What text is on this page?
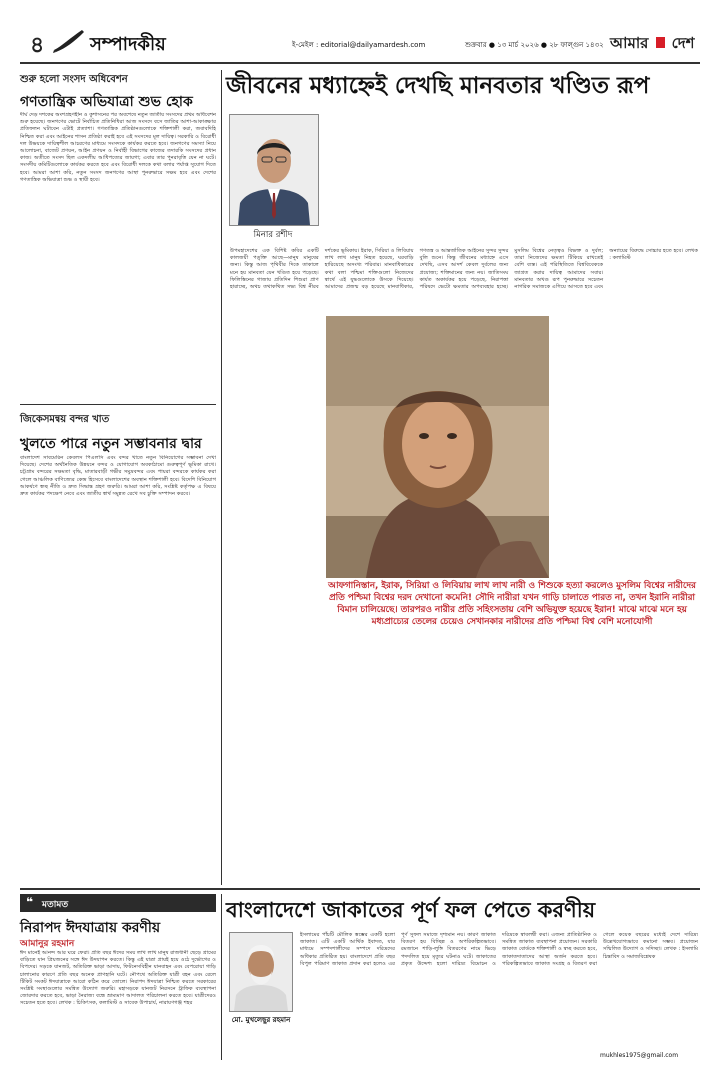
৪	সম্পাদকীয়	ই-মেইল : editorial@dailyamardesh.com	শুক্রবার ● ১৩ মার্চ ২০২৬ ● ২৮ ফাল্গুন ১৪৩২ আমার দেশ
শুরু হলো সংসদ অধিবেশন
গণতান্ত্রিক অভিযাত্রা শুভ হোক
দীর্ঘ দেড় দশকের অংশগ্রহণহীন ও কুশাসনের পর অবশেষে নতুন জাতীয় সংসদের প্রথম অধিবেশন শুরু হয়েছে। জনগণের ভোটে নির্বাচিত প্রতিনিধিরা আজ সংসদে বসে জাতির আশা-আকাঙ্ক্ষার প্রতিফলন ঘটাবেন এটাই প্রত্যাশা। গণতান্ত্রিক প্রতিষ্ঠানগুলোকে শক্তিশালী করা, জবাবদিহি নিশ্চিত করা এবং আইনের শাসন প্রতিষ্ঠা করাই হবে এই সংসদের মূল দায়িত্ব। সরকারি ও বিরোধী দল উভয়কে দায়িত্বশীল আচরণের মাধ্যমে সংসদকে কার্যকর করতে হবে। জনগণের সমস্যা নিয়ে আলোচনা, বাজেট প্রণয়ন, আইন প্রণয়ন ও নির্বাহী বিভাগের কাজের তদারকি সংসদের প্রধান কাজ। অতীতে সংসদ ছিল একদলীয় আধিপত্যের জায়গা; এবার তার পুনরাবৃত্তি যেন না ঘটে। সংসদীয় কমিটিগুলোকে কার্যকর করতে হবে এবং বিরোধী দলকে কথা বলার পর্যাপ্ত সুযোগ দিতে হবে। আমরা আশা করি, নতুন সংসদ জনগণের আস্থা পুনরুদ্ধারে সক্ষম হবে এবং দেশের গণতান্ত্রিক অভিযাত্রা শুভ ও স্থায়ী হবে।
জিকেসমন্বয় বন্দর খাত
খুলতে পারে নতুন সম্ভাবনার দ্বার
বাংলাদেশ সাবমেরিন কেবলস পিএলসি এবং বন্দর খাতে নতুন বিনিয়োগের সম্ভাবনা দেখা দিয়েছে। দেশের অর্থনৈতিক উন্নয়নে বন্দর ও যোগাযোগ অবকাঠামো গুরুত্বপূর্ণ ভূমিকা রাখে। চট্টগ্রাম বন্দরের সক্ষমতা বৃদ্ধি, মাতারবাড়ী গভীর সমুদ্রবন্দর এবং পায়রা বন্দরকে কার্যকর করা গেলে আঞ্চলিক বাণিজ্যের কেন্দ্র হিসেবে বাংলাদেশের অবস্থান শক্তিশালী হবে। বিদেশি বিনিয়োগ আকর্ষণে স্বচ্ছ নীতি ও দ্রুত সিদ্ধান্ত গ্রহণ জরুরি। আমরা আশা করি, সংশ্লিষ্ট কর্তৃপক্ষ এ বিষয়ে দ্রুত কার্যকর পদক্ষেপ নেবে এবং জাতীয় স্বার্থ সমুন্নত রেখে সব চুক্তি সম্পাদন করবে।
জীবনের মধ্যাহ্নেই দেখছি মানবতার খণ্ডিত রূপ
মিনার রশীদ
উপমহাদেশের এক বিশিষ্ট কবির একটি কালজয়ী পঙ্‌ক্তি আছে—মানুষ মানুষের জন্য। কিন্তু আজ পৃথিবীর দিকে তাকালে মনে হয় মানবতা যেন খণ্ডিত হয়ে পড়েছে। ফিলিস্তিনের গাজায় প্রতিদিন শিশুরা প্রাণ হারাচ্ছে, অথচ তথাকথিত সভ্য বিশ্ব নীরব দর্শকের ভূমিকায়। ইরাক, সিরিয়া ও লিবিয়ায় লাখ লাখ মানুষ নিহত হয়েছে, ঘরবাড়ি হারিয়েছে অসংখ্য পরিবার। মানবাধিকারের কথা বলা পশ্চিমা শক্তিগুলো নিজেদের স্বার্থে এই যুদ্ধগুলোকে উসকে দিয়েছে। আমাদের প্রজন্ম বড় হয়েছে মানবাধিকার, গণতন্ত্র ও আন্তর্জাতিক আইনের সুন্দর সুন্দর বুলি শুনে। কিন্তু জীবনের মধ্যাহ্নে এসে দেখছি, এসব আদর্শ কেবল দুর্বলের জন্য প্রযোজ্য; শক্তিমানের জন্য নয়। জাতিসংঘ কার্যত অকার্যকর হয়ে পড়েছে, নিরাপত্তা পরিষদে ভেটো ক্ষমতার অপব্যবহার হচ্ছে। মুসলিম বিশ্বের নেতৃত্বও বিভক্ত ও দুর্বল; তারা নিজেদের ক্ষমতা টিকিয়ে রাখতেই বেশি ব্যস্ত। এই পরিস্থিতিতে বিশ্ববিবেককে জাগ্রত করার দায়িত্ব আমাদের সবার। মানবতার অখণ্ড রূপ পুনরুদ্ধারে সচেতন নাগরিক সমাজকে এগিয়ে আসতে হবে এবং অন্যায়ের বিরুদ্ধে সোচ্চার হতে হবে। লেখক : কলামিস্ট
আফগানিস্তান, ইরাক, সিরিয়া ও লিবিয়ায় লাখ লাখ নারী ও শিশুকে হত্যা করলেও মুসলিম বিশ্বের নারীদের প্রতি পশ্চিমা বিশ্বের দরদ দেখানো কমেনি! সৌদি নারীরা যখন গাড়ি চালাতে পারত না, তখন ইরানি নারীরা বিমান চালিয়েছে। তারপরও নারীর প্রতি সহিংসতায় বেশি অভিযুক্ত হয়েছে ইরান! মাঝে মাঝে মনে হয় মধ্যপ্রাচ্যের তেলের চেয়েও সেখানকার নারীদের প্রতি পশ্চিমা বিশ্ব বেশি মনোযোগী
❝ মতামত
নিরাপদ ঈদযাত্রায় করণীয়
আমানুর রহমান
ঈদ মানেই আনন্দ আর ঘরে ফেরা। প্রতি বছর ঈদের সময় লাখ লাখ মানুষ রাজধানী ছেড়ে গ্রামের বাড়িতে যান প্রিয়জনের সঙ্গে ঈদ উদযাপন করতে। কিন্তু এই যাত্রা প্রায়ই হয়ে ওঠে দুর্ভোগের ও বিপদের। সড়কে যানজট, অতিরিক্ত ভাড়া আদায়, ফিটনেসবিহীন যানবাহন এবং বেপরোয়া গাড়ি চালানোর কারণে প্রতি বছর অনেক প্রাণহানি ঘটে। নৌপথে অতিরিক্ত যাত্রী বহন এবং রেলে টিকিট সংকট ঈদযাত্রাকে আরো কঠিন করে তোলে। নিরাপদ ঈদযাত্রা নিশ্চিত করতে সরকারের সংশ্লিষ্ট সংস্থাগুলোর সমন্বিত উদ্যোগ জরুরি। মহাসড়কে যানজট নিরসনে ট্রাফিক ব্যবস্থাপনা জোরদার করতে হবে, ভাড়া নৈরাজ্য বন্ধে ভ্রাম্যমাণ আদালত পরিচালনা করতে হবে। যাত্রীদেরও সচেতন হতে হবে। লেখক : চিকিৎসক, কলামিস্ট ও সাবেক উপাচার্য, নারায়ণগঞ্জ শহর
বাংলাদেশে জাকাতের পূর্ণ ফল পেতে করণীয়
মো. মুখলেছুর রহমান
ইসলামের পাঁচটি মৌলিক স্তম্ভের একটি হলো জাকাত। এটি একটি আর্থিক ইবাদত, যার মাধ্যমে সম্পদশালীদের সম্পদে দরিদ্রদের অধিকার প্রতিষ্ঠিত হয়। বাংলাদেশে প্রতি বছর বিপুল পরিমাণ জাকাত প্রদান করা হলেও এর পূর্ণ সুফল সমাজে দৃশ্যমান নয়। কারণ জাকাত বিতরণ হয় বিচ্ছিন্ন ও অপরিকল্পিতভাবে। রমজানে শাড়ি-লুঙ্গি বিতরণের নামে ভিড়ে পদদলিত হয়ে মৃত্যুর ঘটনাও ঘটে। জাকাতের প্রকৃত উদ্দেশ্য হলো দারিদ্র্য বিমোচন ও দরিদ্রকে স্বাবলম্বী করা। এজন্য প্রাতিষ্ঠানিক ও সমন্বিত জাকাত ব্যবস্থাপনা প্রয়োজন। সরকারি জাকাত বোর্ডকে শক্তিশালী ও স্বচ্ছ করতে হবে, জাকাতদাতাদের আস্থা অর্জন করতে হবে। পরিকল্পিতভাবে জাকাত সংগ্রহ ও বিতরণ করা গেলে কয়েক বছরের মধ্যেই দেশে দারিদ্র্য উল্লেখযোগ্যভাবে কমানো সম্ভব। প্রয়োজন সম্মিলিত উদ্যোগ ও সদিচ্ছা। লেখক : ইসলামি চিন্তাবিদ ও সমাজবিশ্লেষক
mukhles1975@gmail.com
